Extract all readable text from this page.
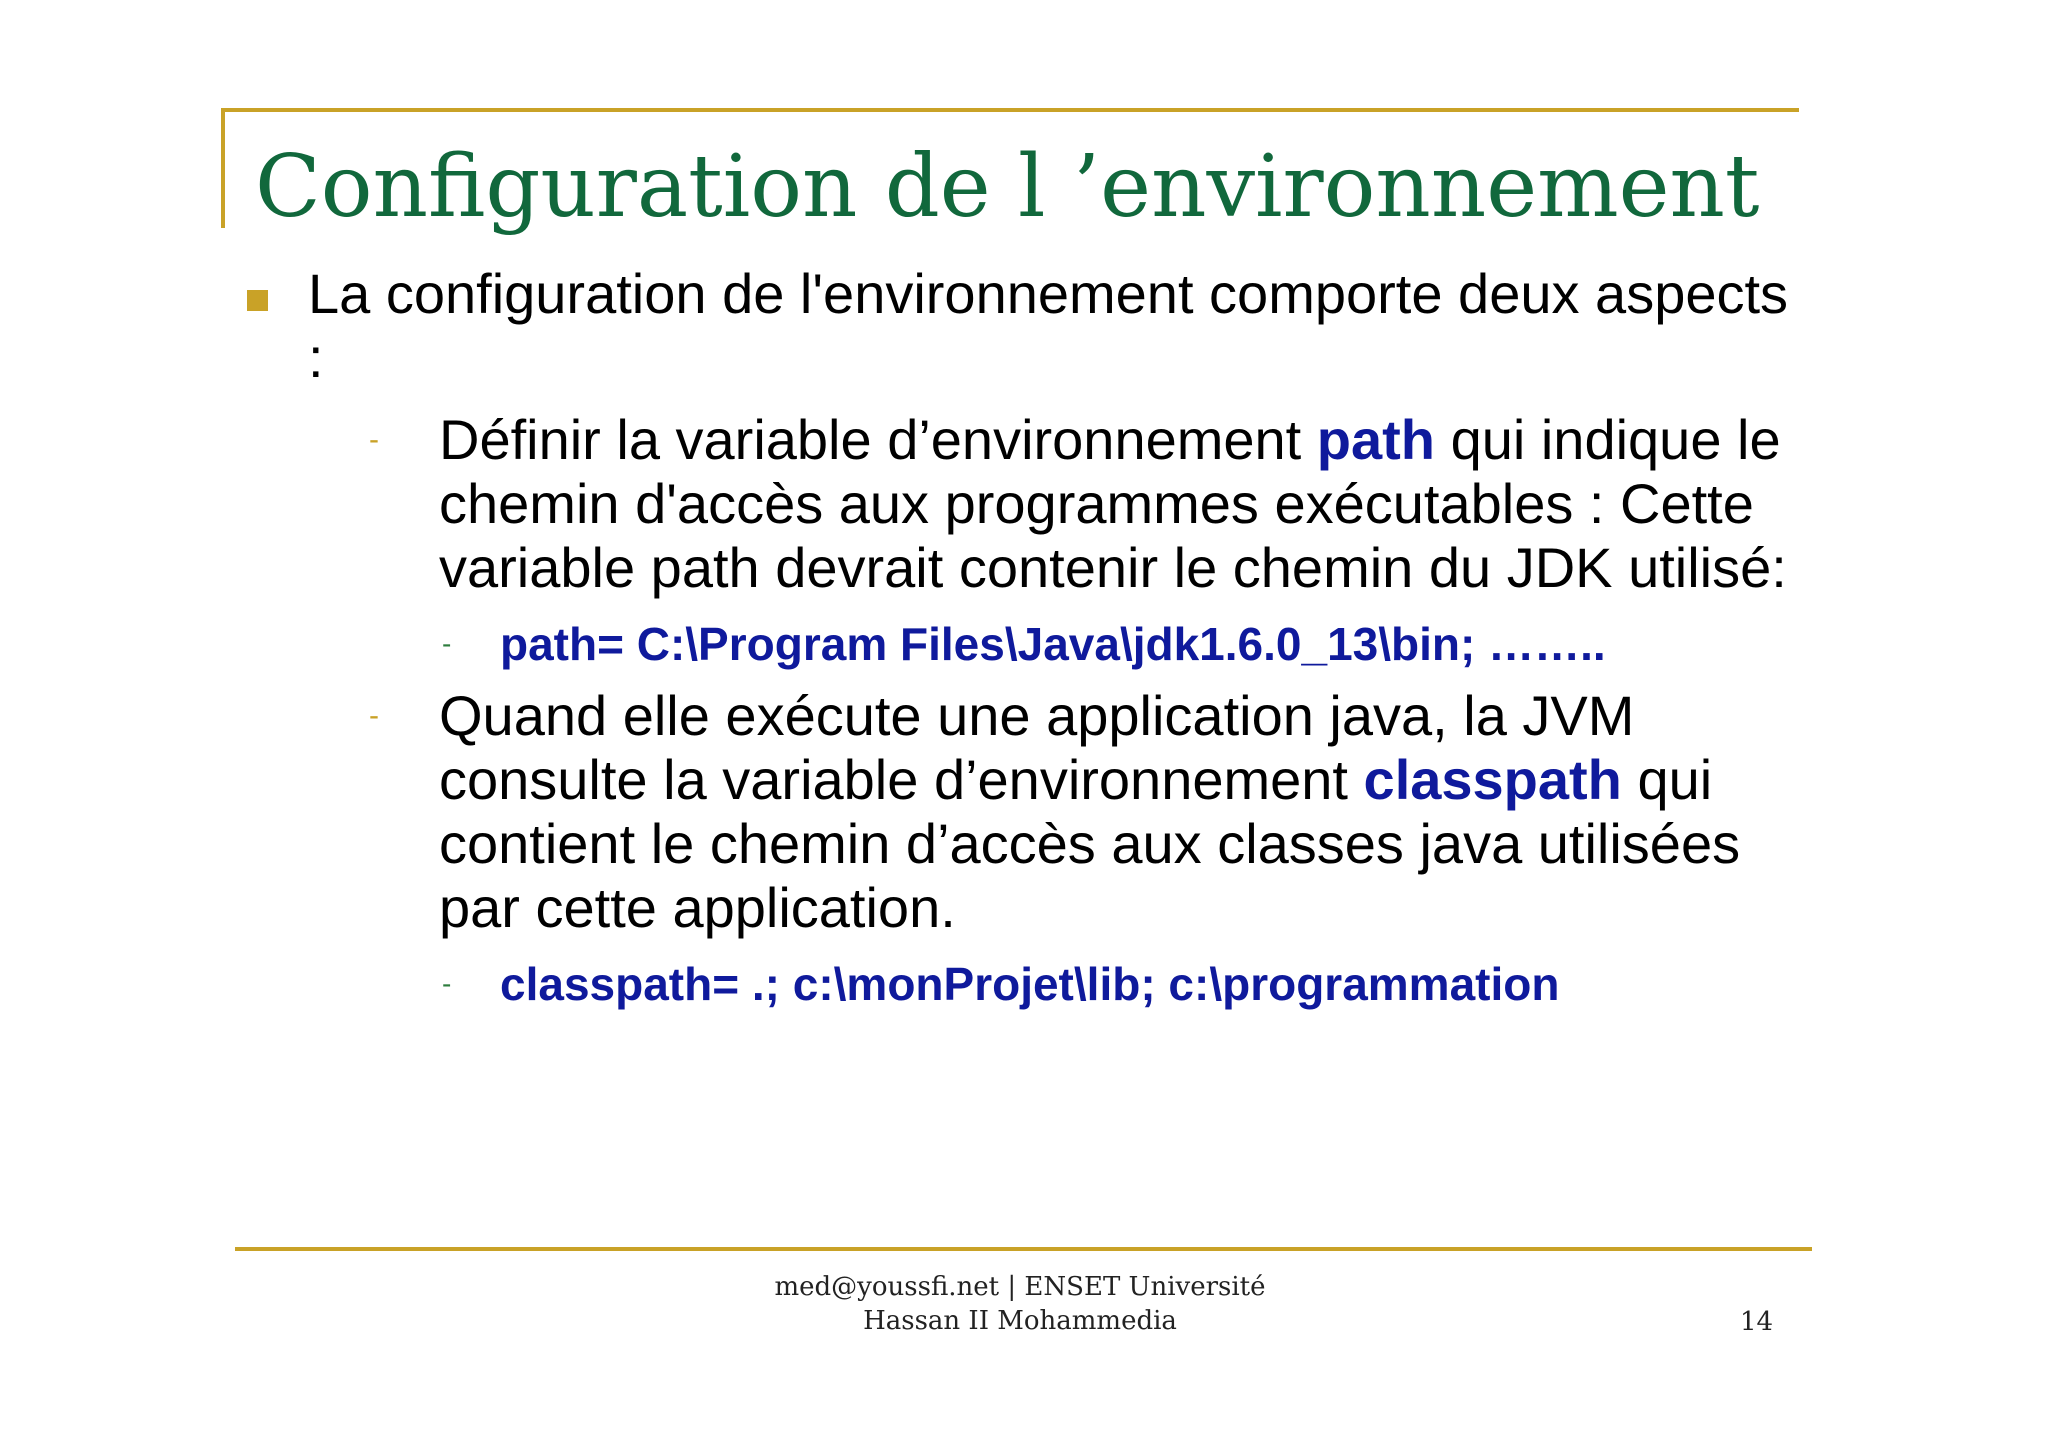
Configuration de l ’environnement
La configuration de l'environnement comporte deux aspects :
- Définir la variable d’environnement path qui indique le chemin d'accès aux programmes exécutables : Cette variable path devrait contenir le chemin du JDK utilisé:
- path= C:\Program Files\Java\jdk1.6.0_13\bin; ……..
- Quand elle exécute une application java, la JVM consulte la variable d’environnement classpath qui contient le chemin d’accès aux classes java utilisées par cette application.
- classpath= .; c:\monProjet\lib; c:\programmation
med@youssfi.net | ENSET Université
Hassan II Mohammedia	14
